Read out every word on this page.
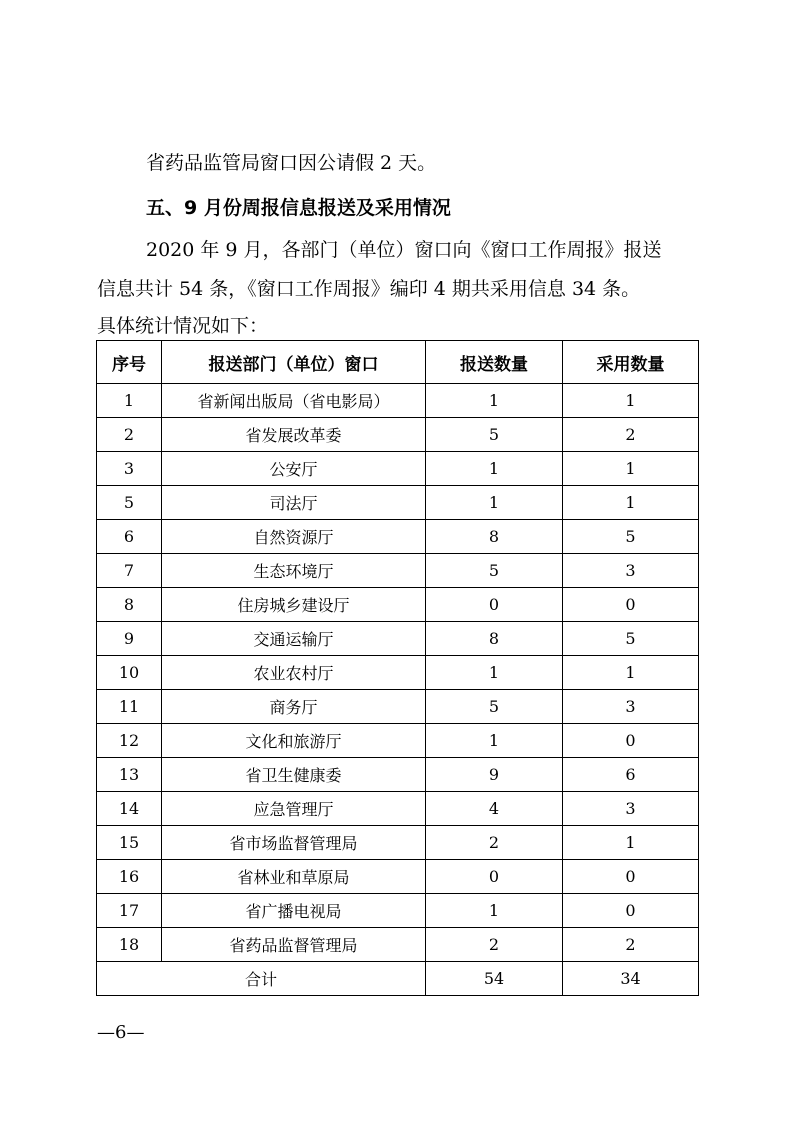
省药品监管局窗口因公请假 2 天。
五、9 月份周报信息报送及采用情况
2020 年 9 月，各部门（单位）窗口向《窗口工作周报》报送
信息共计 54 条，《窗口工作周报》编印 4 期共采用信息 34 条。
具体统计情况如下：
序号	报送部门（单位）窗口	报送数量	采用数量
1	省新闻出版局（省电影局）	1	1
2	省发展改革委	5	2
3	公安厅	1	1
5	司法厅	1	1
6	自然资源厅	8	5
7	生态环境厅	5	3
8	住房城乡建设厅	0	0
9	交通运输厅	8	5
10	农业农村厅	1	1
11	商务厅	5	3
12	文化和旅游厅	1	0
13	省卫生健康委	9	6
14	应急管理厅	4	3
15	省市场监督管理局	2	1
16	省林业和草原局	0	0
17	省广播电视局	1	0
18	省药品监督管理局	2	2
合计		54	34
—6—
